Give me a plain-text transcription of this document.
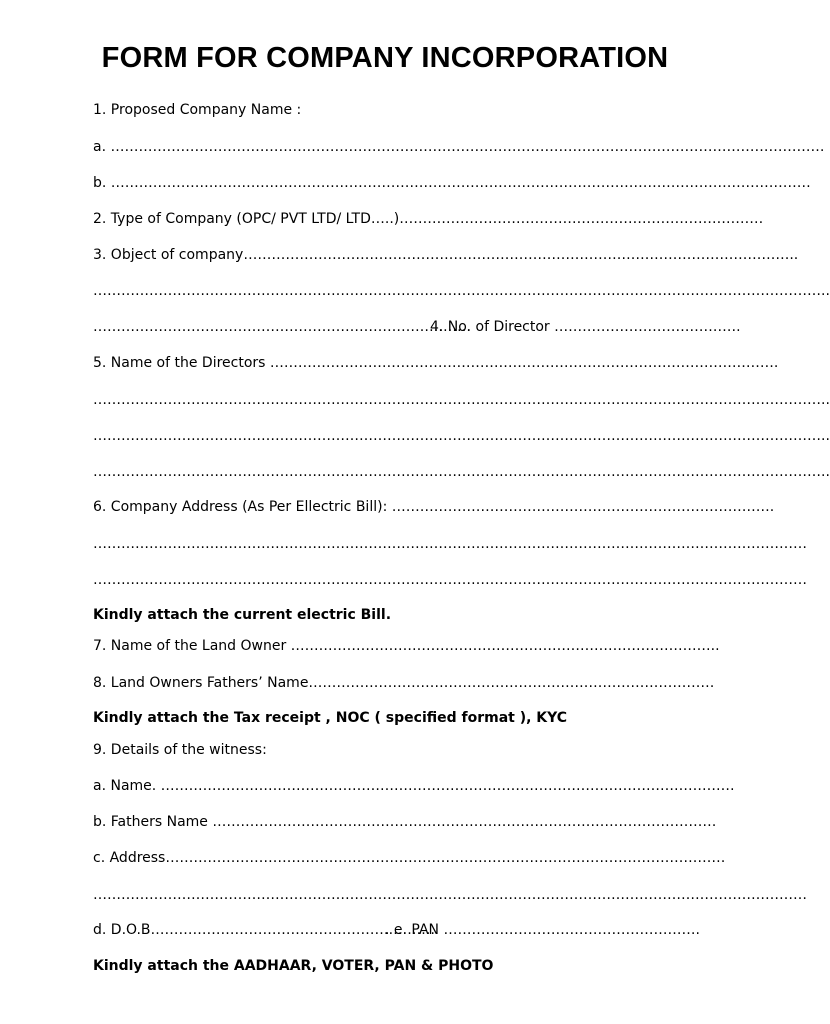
FORM FOR COMPANY INCORPORATION
1. Proposed Company Name :
a. ………………………………………………………………………………………………………………………………………
b. ……………………………………………………………………………………………………………………………………
2. Type of Company (OPC/ PVT LTD/ LTD…..)……………………………………………………………………
3. Object of company………………………………………………………………………………………………………..
…………………………………………………………………………………………………………………………………………..
………………………………………………………………………
4. No. of Director ………………………………….
5. Name of the Directors ……………………………………………………………………………………………….
…………………………………………………………………………………………………………………………………………..
…………………………………………………………………………………………………………………………………………..
…………………………………………………………………………………………………………………………………………..
6. Company Address (As Per Ellectric Bill): ……………………………………………………………………….
………………………………………………………………………………………………………………………………………
………………………………………………………………………………………………………………………………………
Kindly attach the current electric Bill.
7. Name of the Land Owner ………………………………………………………………………………..
8. Land Owners Fathers’ Name……………………………………………………………………………
Kindly attach the Tax receipt , NOC ( specified format ), KYC
9. Details of the witness:
a. Name. ……………………………………………………………………………………………………………
b. Fathers Name ………………………………………………………………………………………………
c. Address…………………………………………………………………………………………………………
………………………………………………………………………………………………………………………………………
d. D.O.B…………………………………………………….
. e. PAN ……………………………………………….
Kindly attach the AADHAAR, VOTER, PAN & PHOTO
